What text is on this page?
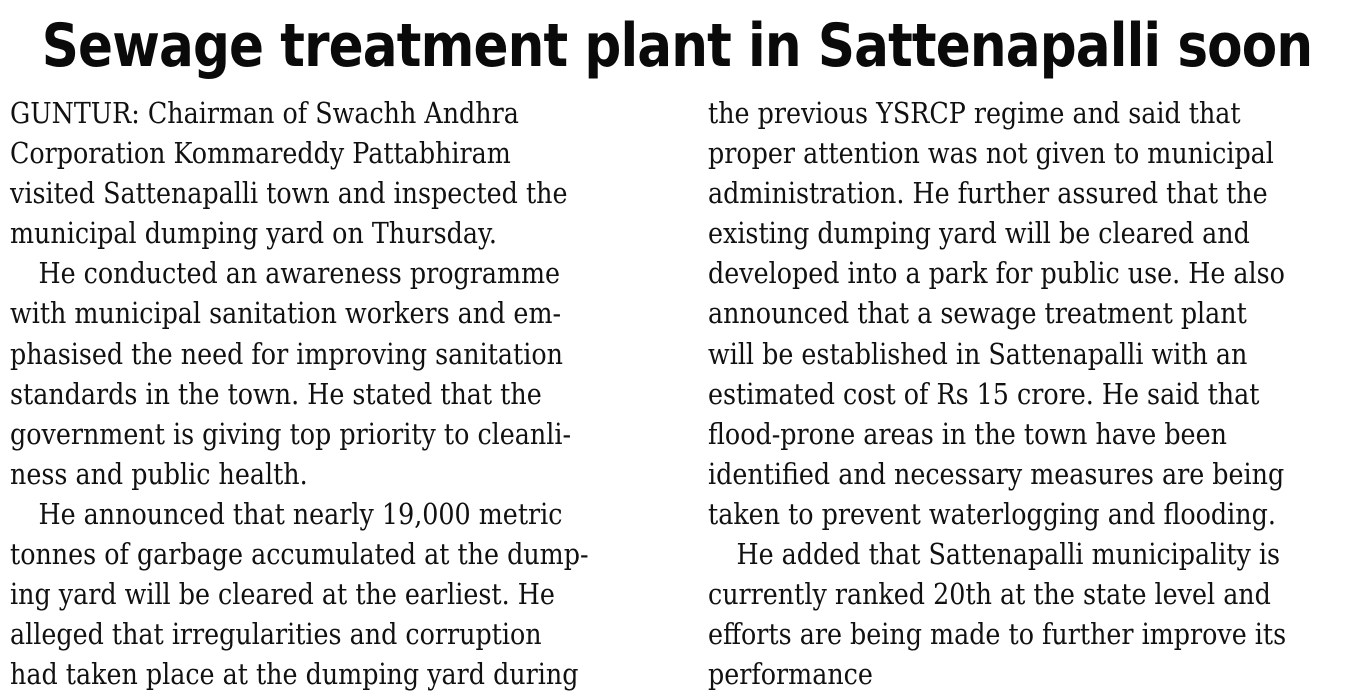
Sewage treatment plant in Sattenapalli soon
GUNTUR: Chairman of Swachh Andhra
Corporation Kommareddy Pattabhiram
visited Sattenapalli town and inspected the
municipal dumping yard on Thursday.
He conducted an awareness programme
with municipal sanitation workers and em-
phasised the need for improving sanitation
standards in the town. He stated that the
government is giving top priority to cleanli-
ness and public health.
He announced that nearly 19,000 metric
tonnes of garbage accumulated at the dump-
ing yard will be cleared at the earliest. He
alleged that irregularities and corruption
had taken place at the dumping yard during
the previous YSRCP regime and said that
proper attention was not given to municipal
administration. He further assured that the
existing dumping yard will be cleared and
developed into a park for public use. He also
announced that a sewage treatment plant
will be established in Sattenapalli with an
estimated cost of Rs 15 crore. He said that
flood-prone areas in the town have been
identified and necessary measures are being
taken to prevent waterlogging and flooding.
He added that Sattenapalli municipality is
currently ranked 20th at the state level and
efforts are being made to further improve its
performance
